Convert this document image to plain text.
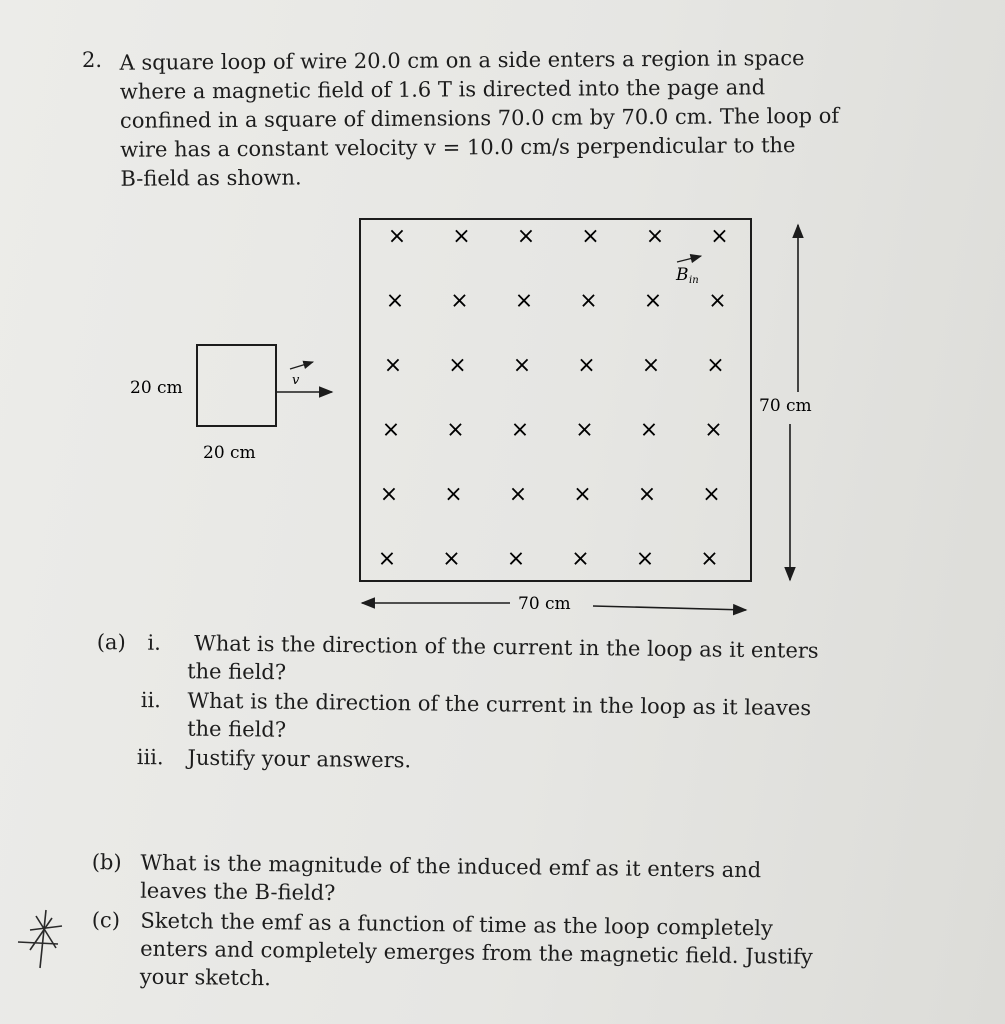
2. A square loop of wire 20.0 cm on a side enters a region in space

where a magnetic field of 1.6 T is directed into the page and

confined in a square of dimensions 70.0 cm by 70.0 cm. The loop of

wire has a constant velocity v = 10.0 cm/s perpendicular to the

B-field as shown.

× × × × × ×
× × × × × ×
× × × × × ×
× × × × × ×
× × × × × ×
× × × × × ×
B in
v
20 cm
20 cm
70 cm
70 cm
(a) i. What is the direction of the current in the loop as it enters
the field?
ii. What is the direction of the current in the loop as it leaves
the field?
iii. Justify your answers.
(b) What is the magnitude of the induced emf as it enters and
leaves the B-field?
(c) Sketch the emf as a function of time as the loop completely
enters and completely emerges from the magnetic field. Justify
your sketch.
